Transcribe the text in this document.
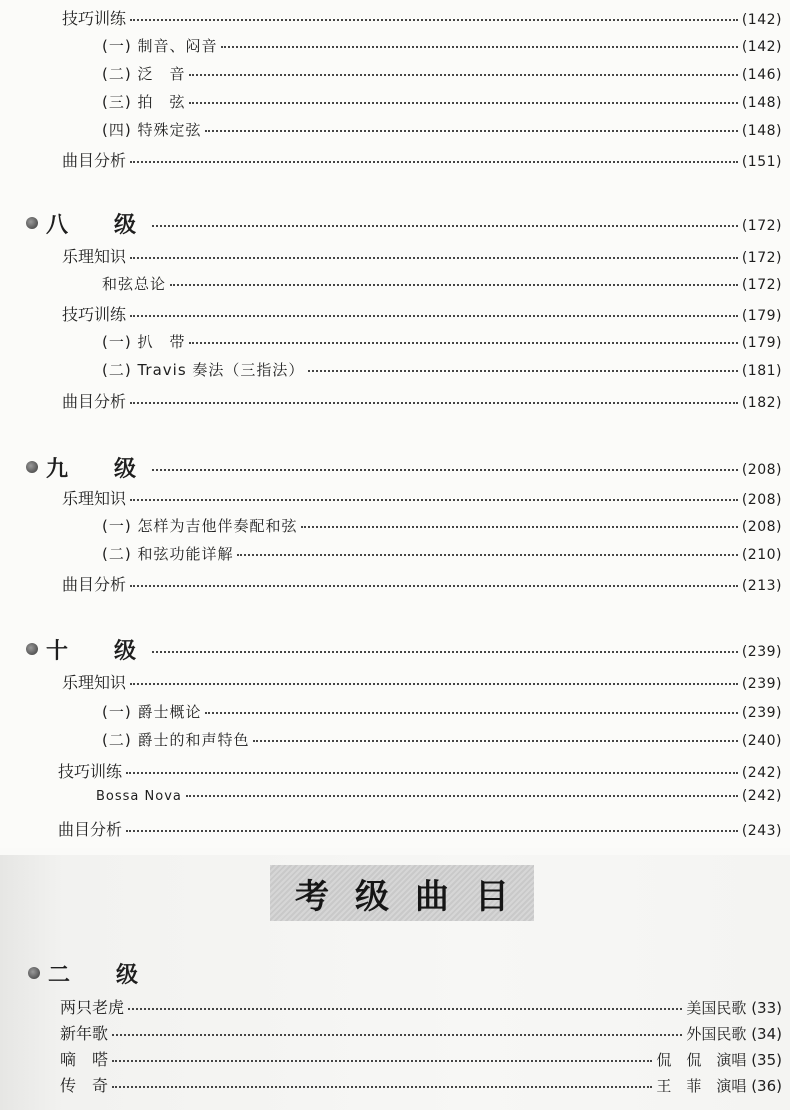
技巧训练	(142)
(一) 制音、闷音	(142)
(二) 泛　音	(146)
(三) 拍　弦	(148)
(四) 特殊定弦	(148)
曲目分析	(151)
八　级	(172)
乐理知识	(172)
和弦总论	(172)
技巧训练	(179)
(一) 扒　带	(179)
(二) Travis 奏法（三指法）	(181)
曲目分析	(182)
九　级	(208)
乐理知识	(208)
(一) 怎样为吉他伴奏配和弦	(208)
(二) 和弦功能详解	(210)
曲目分析	(213)
十　级	(239)
乐理知识	(239)
(一) 爵士概论	(239)
(二) 爵士的和声特色	(240)
技巧训练	(242)
Bossa Nova	(242)
曲目分析	(243)
考级曲目
二　级
两只老虎	美国民歌 (33)
新年歌	外国民歌 (34)
嘀　嗒	侃　侃　演唱 (35)
传　奇	王　菲　演唱 (36)
